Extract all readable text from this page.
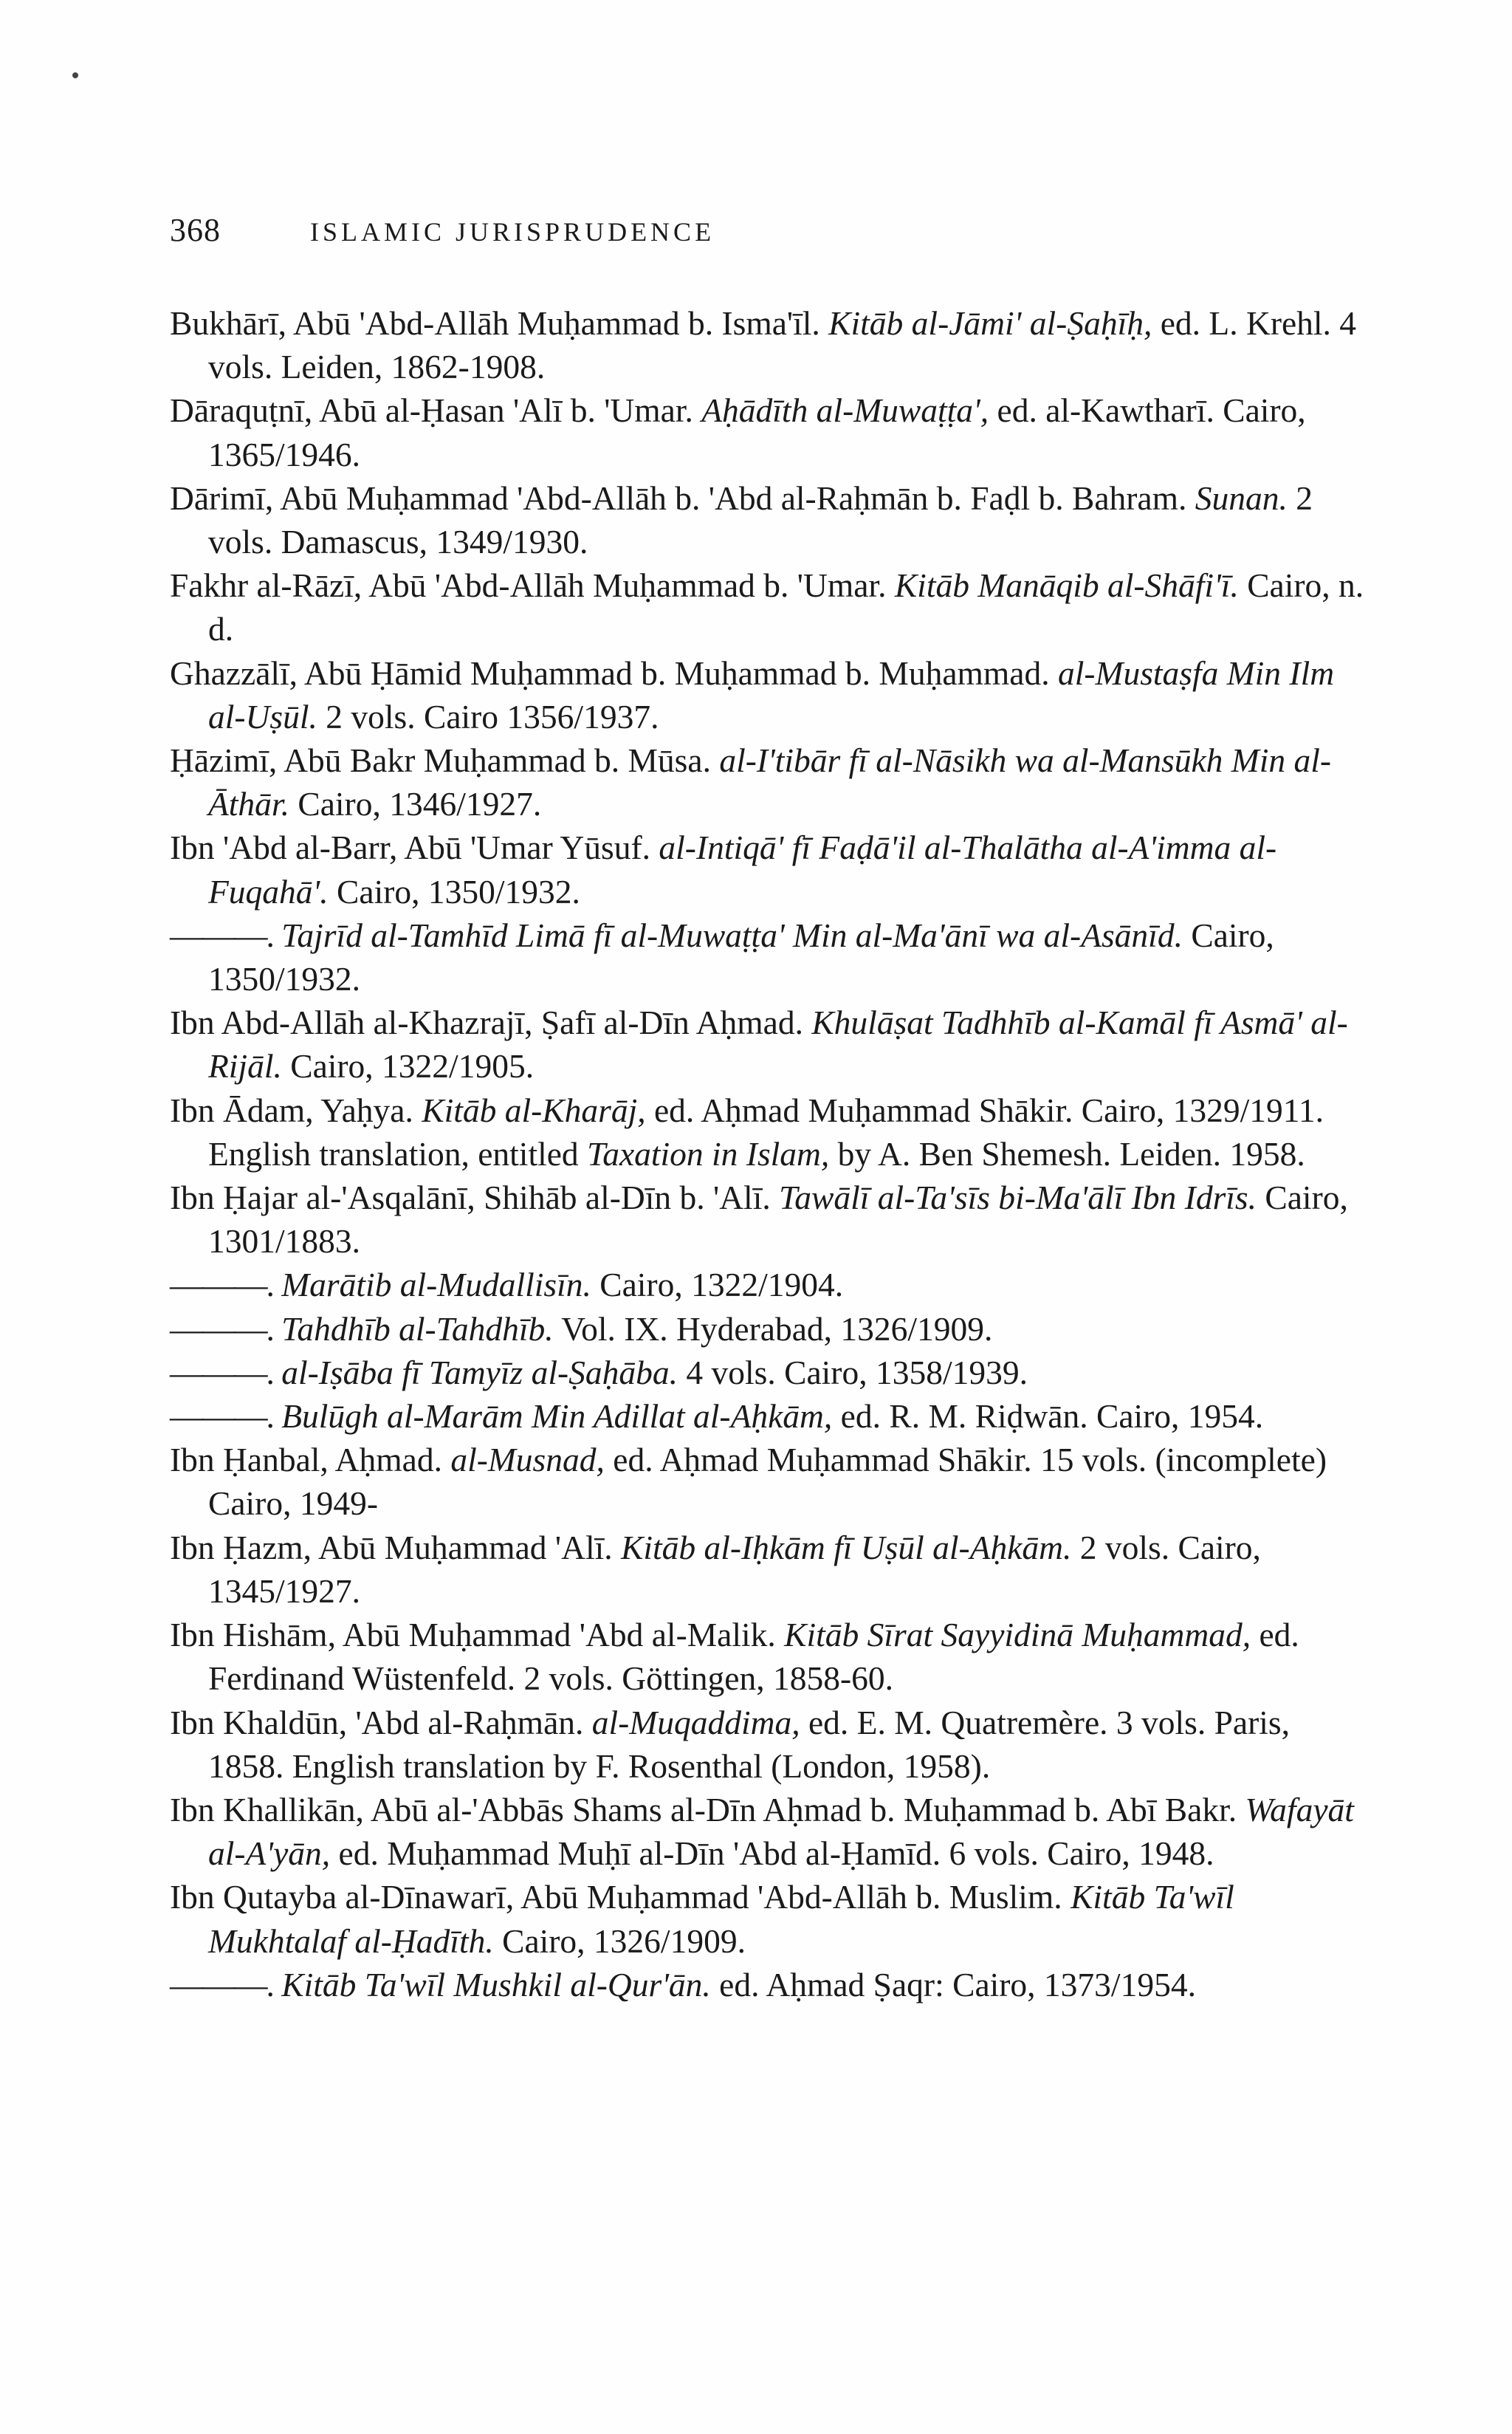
368	ISLAMIC JURISPRUDENCE

Bukhārī, Abū 'Abd-Allāh Muḥammad b. Isma'īl. Kitāb al-Jāmi' al-Ṣaḥīḥ, ed. L. Krehl. 4 vols. Leiden, 1862-1908.

Dāraquṭnī, Abū al-Ḥasan 'Alī b. 'Umar. Aḥādīth al-Muwaṭṭa', ed. al-Kawtharī. Cairo, 1365/1946.

Dārimī, Abū Muḥammad 'Abd-Allāh b. 'Abd al-Raḥmān b. Faḍl b. Bahram. Sunan. 2 vols. Damascus, 1349/1930.

Fakhr al-Rāzī, Abū 'Abd-Allāh Muḥammad b. 'Umar. Kitāb Manāqib al-Shāfi'ī. Cairo, n. d.

Ghazzālī, Abū Ḥāmid Muḥammad b. Muḥammad b. Muḥammad. al-Mustaṣfa Min Ilm al-Uṣūl. 2 vols. Cairo 1356/1937.

Ḥāzimī, Abū Bakr Muḥammad b. Mūsa. al-I'tibār fī al-Nāsikh wa al-Mansūkh Min al-Āthār. Cairo, 1346/1927.

Ibn 'Abd al-Barr, Abū 'Umar Yūsuf. al-Intiqā' fī Faḍā'il al-Thalātha al-A'imma al-Fuqahā'. Cairo, 1350/1932.

———. Tajrīd al-Tamhīd Limā fī al-Muwaṭṭa' Min al-Ma'ānī wa al-Asānīd. Cairo, 1350/1932.

Ibn Abd-Allāh al-Khazrajī, Ṣafī al-Dīn Aḥmad. Khulāṣat Tadhhīb al-Kamāl fī Asmā' al-Rijāl. Cairo, 1322/1905.

Ibn Ādam, Yaḥya. Kitāb al-Kharāj, ed. Aḥmad Muḥammad Shākir. Cairo, 1329/1911. English translation, entitled Taxation in Islam, by A. Ben Shemesh. Leiden. 1958.

Ibn Ḥajar al-'Asqalānī, Shihāb al-Dīn b. 'Alī. Tawālī al-Ta'sīs bi-Ma'ālī Ibn Idrīs. Cairo, 1301/1883.

———. Marātib al-Mudallisīn. Cairo, 1322/1904.

———. Tahdhīb al-Tahdhīb. Vol. IX. Hyderabad, 1326/1909.

———. al-Iṣāba fī Tamyīz al-Ṣaḥāba. 4 vols. Cairo, 1358/1939.

———. Bulūgh al-Marām Min Adillat al-Aḥkām, ed. R. M. Riḍwān. Cairo, 1954.

Ibn Ḥanbal, Aḥmad. al-Musnad, ed. Aḥmad Muḥammad Shākir. 15 vols. (incomplete) Cairo, 1949-

Ibn Ḥazm, Abū Muḥammad 'Alī. Kitāb al-Iḥkām fī Uṣūl al-Aḥkām. 2 vols. Cairo, 1345/1927.

Ibn Hishām, Abū Muḥammad 'Abd al-Malik. Kitāb Sīrat Sayyidinā Muḥammad, ed. Ferdinand Wüstenfeld. 2 vols. Göttingen, 1858-60.

Ibn Khaldūn, 'Abd al-Raḥmān. al-Muqaddima, ed. E. M. Quatremère. 3 vols. Paris, 1858. English translation by F. Rosenthal (London, 1958).

Ibn Khallikān, Abū al-'Abbās Shams al-Dīn Aḥmad b. Muḥammad b. Abī Bakr. Wafayāt al-A'yān, ed. Muḥammad Muḥī al-Dīn 'Abd al-Ḥamīd. 6 vols. Cairo, 1948.

Ibn Qutayba al-Dīnawarī, Abū Muḥammad 'Abd-Allāh b. Muslim. Kitāb Ta'wīl Mukhtalaf al-Ḥadīth. Cairo, 1326/1909.

———. Kitāb Ta'wīl Mushkil al-Qur'ān. ed. Aḥmad Ṣaqr: Cairo, 1373/1954.
